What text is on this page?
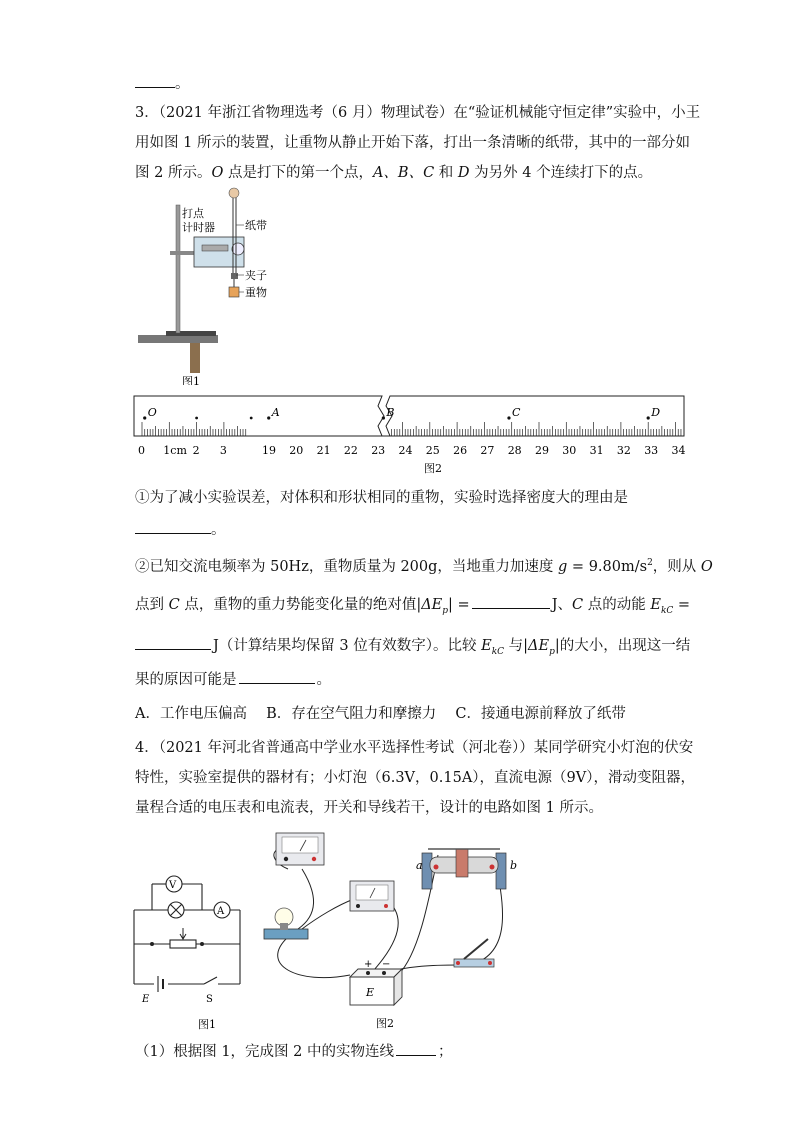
。
3．（2021 年浙江省物理选考（6 月）物理试卷）在“验证机械能守恒定律”实验中，小王
用如图 1 所示的装置，让重物从静止开始下落，打出一条清晰的纸带，其中的一部分如
图 2 所示。O 点是打下的第一个点，A、B、C 和 D 为另外 4 个连续打下的点。
打点
计时器	纸带
夹子
重物
图1
0 1cm 2 3	19 20 21 22 23 24 25 26 27 28 29 30 31 32 33 34
O	A	B	C	D
图2
①为了减小实验误差，对体积和形状相同的重物，实验时选择密度大的理由是
。
②已知交流电频率为 50Hz，重物质量为 200g，当地重力加速度 $g = 9.80m/s^2$，则从 O
点到 C 点，重物的重力势能变化量的绝对值$|\Delta E_p|$ =	J、C 点的动能 $E_{kC}$ =
J（计算结果均保留 3 位有效数字）。比较 $E_{kC}$ 与$|\Delta E_p|$的大小，出现这一结
果的原因可能是	。
A．工作电压偏高　 B．存在空气阻力和摩擦力　 C．接通电源前释放了纸带
4．（2021 年河北省普通高中学业水平选择性考试（河北卷））某同学研究小灯泡的伏安
特性，实验室提供的器材有；小灯泡（6.3V，0.15A），直流电源（9V），滑动变阻器，
量程合适的电压表和电流表，开关和导线若干，设计的电路如图 1 所示。
V
A
E	S
图1
a	b
+ −
E
图2
（1）根据图 1，完成图 2 中的实物连线	；
